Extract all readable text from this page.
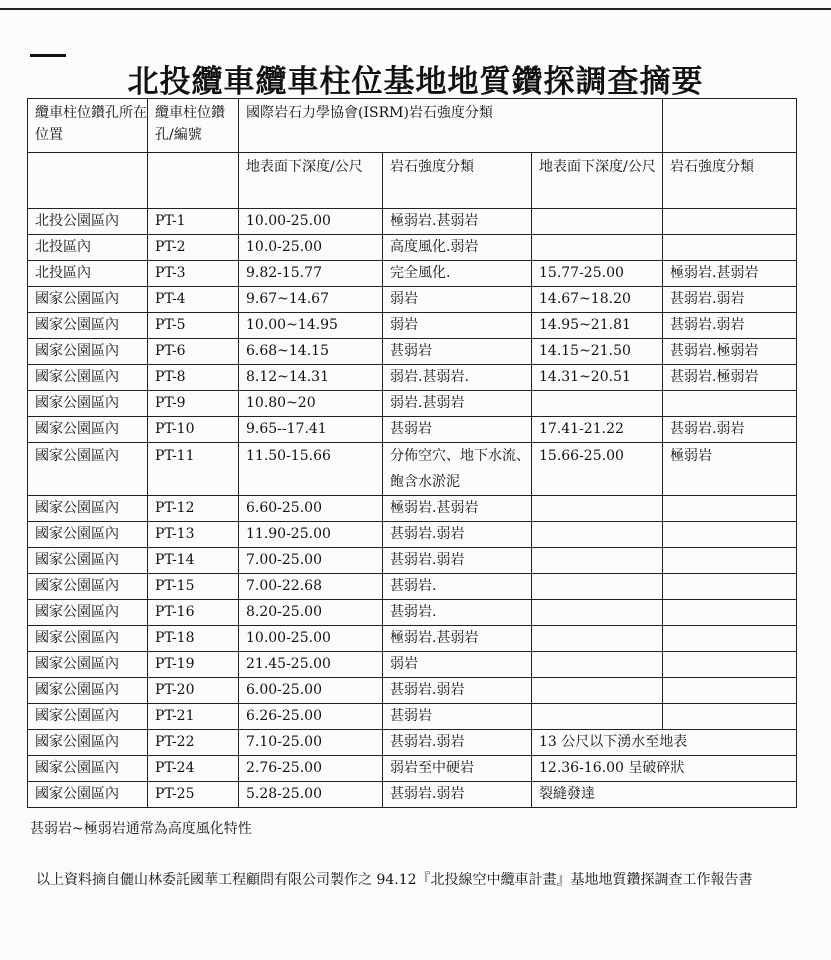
北投纜車纜車柱位基地地質鑽探調查摘要
纜車柱位鑽孔所在位置	纜車柱位鑽孔/編號	國際岩石力學協會(ISRM)岩石強度分類			
		地表面下深度/公尺	岩石強度分類	地表面下深度/公尺	岩石強度分類
北投公園區內	PT-1	10.00-25.00	極弱岩.甚弱岩		
北投區內	PT-2	10.0-25.00	高度風化.弱岩		
北投區內	PT-3	9.82-15.77	完全風化.	15.77-25.00	極弱岩.甚弱岩
國家公園區內	PT-4	9.67~14.67	弱岩	14.67~18.20	甚弱岩.弱岩
國家公園區內	PT-5	10.00~14.95	弱岩	14.95~21.81	甚弱岩.弱岩
國家公園區內	PT-6	6.68~14.15	甚弱岩	14.15~21.50	甚弱岩.極弱岩
國家公園區內	PT-8	8.12~14.31	弱岩.甚弱岩.	14.31~20.51	甚弱岩.極弱岩
國家公園區內	PT-9	10.80~20	弱岩.甚弱岩		
國家公園區內	PT-10	9.65--17.41	甚弱岩	17.41-21.22	甚弱岩.弱岩
國家公園區內	PT-11	11.50-15.66	分佈空穴、地下水流、飽含水淤泥	15.66-25.00	極弱岩
國家公園區內	PT-12	6.60-25.00	極弱岩.甚弱岩		
國家公園區內	PT-13	11.90-25.00	甚弱岩.弱岩		
國家公園區內	PT-14	7.00-25.00	甚弱岩.弱岩		
國家公園區內	PT-15	7.00-22.68	甚弱岩.		
國家公園區內	PT-16	8.20-25.00	甚弱岩.		
國家公園區內	PT-18	10.00-25.00	極弱岩.甚弱岩		
國家公園區內	PT-19	21.45-25.00	弱岩		
國家公園區內	PT-20	6.00-25.00	甚弱岩.弱岩		
國家公園區內	PT-21	6.26-25.00	甚弱岩		
國家公園區內	PT-22	7.10-25.00	甚弱岩.弱岩	13 公尺以下湧水至地表	
國家公園區內	PT-24	2.76-25.00	弱岩至中硬岩	12.36-16.00 呈破碎狀	
國家公園區內	PT-25	5.28-25.00	甚弱岩.弱岩	裂縫發達	
甚弱岩~極弱岩通常為高度風化特性
以上資料摘自儷山林委託國華工程顧問有限公司製作之 94.12『北投線空中纜車計畫』基地地質鑽探調查工作報告書
